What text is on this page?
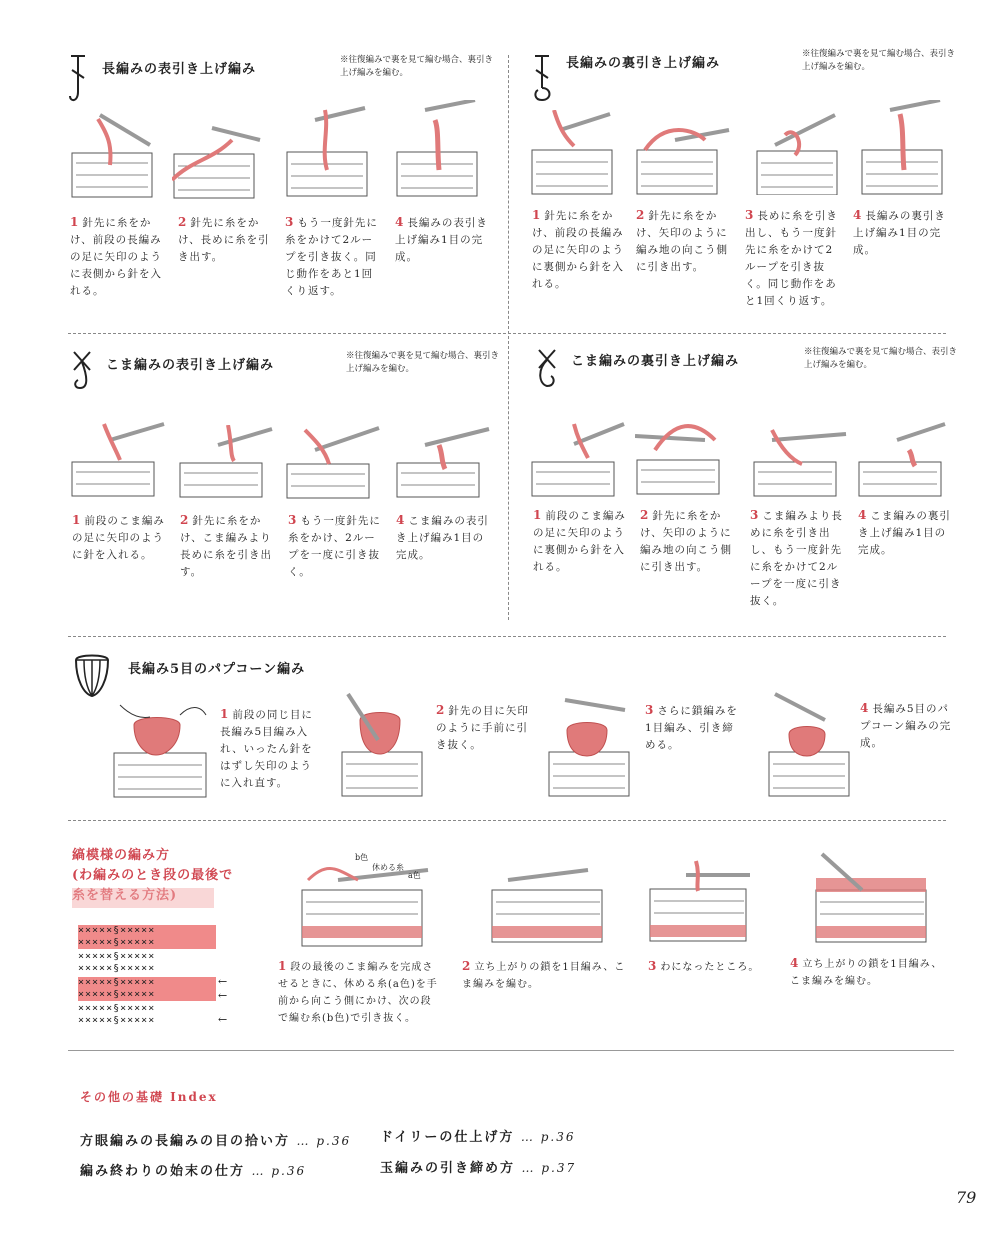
長編みの表引き上げ編み
※往復編みで裏を見て編む場合、裏引き上げ編みを編む。
1 針先に糸をかけ、前段の長編みの足に矢印のように表側から針を入れる。
2 針先に糸をかけ、長めに糸を引き出す。
3 もう一度針先に糸をかけて2ループを引き抜く。同じ動作をあと1回くり返す。
4 長編みの表引き上げ編み1目の完成。
長編みの裏引き上げ編み
※往復編みで裏を見て編む場合、表引き上げ編みを編む。
1 針先に糸をかけ、前段の長編みの足に矢印のように裏側から針を入れる。
2 針先に糸をかけ、矢印のように編み地の向こう側に引き出す。
3 長めに糸を引き出し、もう一度針先に糸をかけて2ループを引き抜く。同じ動作をあと1回くり返す。
4 長編みの裏引き上げ編み1目の完成。
こま編みの表引き上げ編み
※往復編みで裏を見て編む場合、裏引き上げ編みを編む。
1 前段のこま編みの足に矢印のように針を入れる。
2 針先に糸をかけ、こま編みより長めに糸を引き出す。
3 もう一度針先に糸をかけ、2ループを一度に引き抜く。
4 こま編みの表引き上げ編み1目の完成。
こま編みの裏引き上げ編み
※往復編みで裏を見て編む場合、表引き上げ編みを編む。
1 前段のこま編みの足に矢印のように裏側から針を入れる。
2 針先に糸をかけ、矢印のように編み地の向こう側に引き出す。
3 こま編みより長めに糸を引き出し、もう一度針先に糸をかけて2ループを一度に引き抜く。
4 こま編みの裏引き上げ編み1目の完成。
長編み5目のパプコーン編み
1 前段の同じ目に長編み5目編み入れ、いったん針をはずし矢印のように入れ直す。
2 針先の目に矢印のように手前に引き抜く。
3 さらに鎖編みを1目編み、引き締める。
4 長編み5目のパプコーン編みの完成。
縞模様の編み方
(わ編みのとき段の最後で
×××××§×××××
×××××§×××××
×××××§×××××
×××××§×××××
×××××§×××××
×××××§×××××
×××××§×××××
×××××§×××××
←
←
←
b色
休める糸
a色
1 段の最後のこま編みを完成させるときに、休める糸(a色)を手前から向こう側にかけ、次の段で編む糸(b色)で引き抜く。
2 立ち上がりの鎖を1目編み、こま編みを編む。
3 わになったところ。	4 立ち上がりの鎖を1目編み、こま編みを編む。
その他の基礎 Index
方眼編みの長編みの目の拾い方 … p.36 ドイリーの仕上げ方 … p.36
編み終わりの始末の仕方 … p.36	玉編みの引き締め方 … p.37
79
